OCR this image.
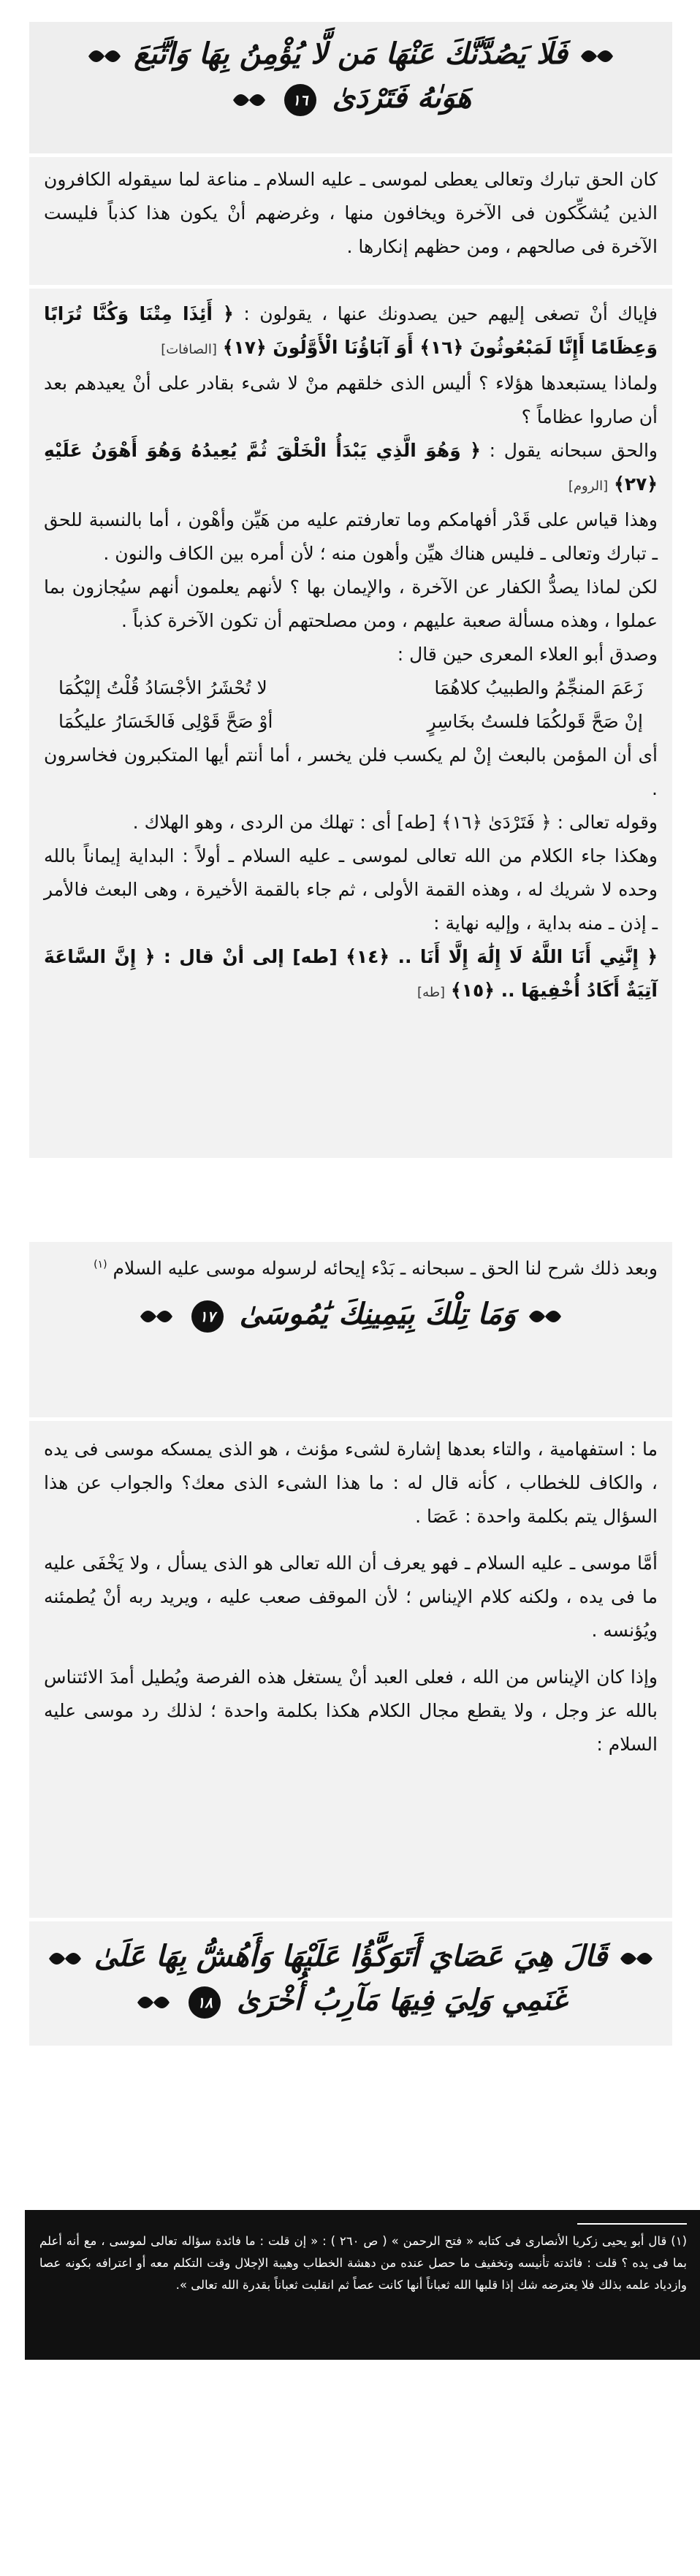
فَلَا يَصُدَّنَّكَ عَنْهَا مَن لَّا يُؤْمِنُ بِهَا وَاتَّبَعَ
هَوَىٰهُ فَتَرْدَىٰ ١٦

كان الحق تبارك وتعالى يعطى لموسى ـ عليه السلام ـ مناعة لما سيقوله الكافرون الذين يُشكِّكون فى الآخرة ويخافون منها ، وغرضهم أنْ يكون هذا كذباً فليست الآخرة فى صالحهم ، ومن حظهم إنكارها .

فإياك أنْ تصغى إليهم حين يصدونك عنها ، يقولون : ﴿ أَئِذَا مِتْنَا وَكُنَّا تُرَابًا وَعِظَامًا أَإِنَّا لَمَبْعُوثُونَ ﴿١٦﴾ أَوَ آبَاؤُنَا الْأَوَّلُونَ ﴿١٧﴾ [الصافات]

ولماذا يستبعدها هؤلاء ؟ أليس الذى خلقهم منْ لا شىء بقادر على أنْ يعيدهم بعد أن صاروا عظاماً ؟

والحق سبحانه يقول : ﴿ وَهُوَ الَّذِي يَبْدَأُ الْخَلْقَ ثُمَّ يُعِيدُهُ وَهُوَ أَهْوَنُ عَلَيْهِ ﴿٢٧﴾ [الروم]

وهذا قياس على قَدْر أفهامكم وما تعارفتم عليه من هَيِّن وأهْون ، أما بالنسبة للحق ـ تبارك وتعالى ـ فليس هناك هيِّن وأهون منه ؛ لأن أمره بين الكاف والنون .

لكن لماذا يصدُّ الكفار عن الآخرة ، والإيمان بها ؟ لأنهم يعلمون أنهم سيُجازون بما عملوا ، وهذه مسألة صعبة عليهم ، ومن مصلحتهم أن تكون الآخرة كذباً .

وصدق أبو العلاء المعرى حين قال :

زَعَمَ المنجِّمُ والطبيبُ كلاهُمَا
لا تُحْشَرُ الأجْسَادُ قُلْتُ إليْكُمَا
إنْ صَحَّ قَولكُمَا فلستُ بخَاسِرٍ
أوْ صَحَّ قَوْلِى فَالخَسَارُ عليكُمَا

أى أن المؤمن بالبعث إنْ لم يكسب فلن يخسر ، أما أنتم أيها المتكبرون فخاسرون .

وقوله تعالى : ﴿ فَتَرْدَىٰ ﴿١٦﴾ [طه] أى : تهلك من الردى ، وهو الهلاك .

وهكذا جاء الكلام من الله تعالى لموسى ـ عليه السلام ـ أولاً : البداية إيماناً بالله وحده لا شريك له ، وهذه القمة الأولى ، ثم جاء بالقمة الأخيرة ، وهى البعث فالأمر ـ إذن ـ منه بداية ، وإليه نهاية :

﴿ إِنَّنِي أَنَا اللَّهُ لَا إِلَٰهَ إِلَّا أَنَا .. ﴿١٤﴾ [طه] إلى أنْ قال : ﴿ إِنَّ السَّاعَةَ آتِيَةٌ أَكَادُ أُخْفِيهَا .. ﴿١٥﴾ [طه]

وبعد ذلك شرح لنا الحق ـ سبحانه ـ بَدْء إيحائه لرسوله موسى عليه السلام $^{(١)}$

وَمَا تِلْكَ بِيَمِينِكَ يَٰمُوسَىٰ ١٧

ما : استفهامية ، والتاء بعدها إشارة لشىء مؤنث ، هو الذى يمسكه موسى فى يده ، والكاف للخطاب ، كأنه قال له : ما هذا الشىء الذى معك؟ والجواب عن هذا السؤال يتم بكلمة واحدة : عَصَا .

أمَّا موسى ـ عليه السلام ـ فهو يعرف أن الله تعالى هو الذى يسأل ، ولا يَخْفَى عليه ما فى يده ، ولكنه كلام الإيناس ؛ لأن الموقف صعب عليه ، ويريد ربه أنْ يُطمئنه ويُؤنسه .

وإذا كان الإيناس من الله ، فعلى العبد أنْ يستغل هذه الفرصة ويُطيل أمدَ الائتناس بالله عز وجل ، ولا يقطع مجال الكلام هكذا بكلمة واحدة ؛ لذلك رد موسى عليه السلام :

قَالَ هِيَ عَصَايَ أَتَوَكَّؤُا عَلَيْهَا وَأَهُشُّ بِهَا عَلَىٰ
غَنَمِي وَلِيَ فِيهَا مَآرِبُ أُخْرَىٰ ١٨

(١) قال أبو يحيى زكريا الأنصارى فى كتابه « فتح الرحمن » ( ص ٢٦٠ ) : « إن قلت : ما فائدة سؤاله تعالى لموسى ، مع أنه أعلم بما فى يده ؟ قلت : فائدته تأنيسه وتخفيف ما حصل عنده من دهشة الخطاب وهيبة الإجلال وقت التكلم معه أو اعترافه بكونه عصا وازدياد علمه بذلك فلا يعترضه شك إذا قلبها الله ثعباناً أنها كانت عصاً ثم انقلبت ثعباناً بقدرة الله تعالى ».
